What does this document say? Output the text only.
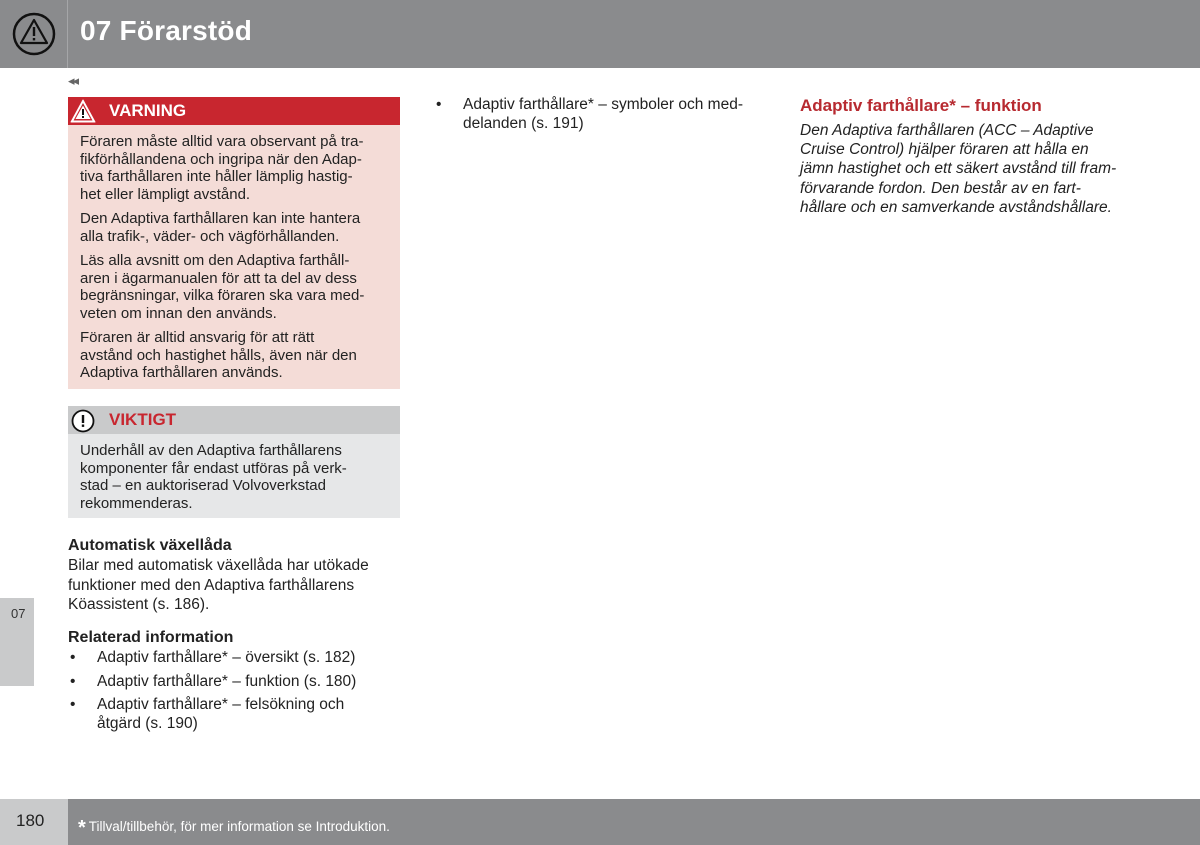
07 Förarstöd
◂◂
VARNING

Föraren måste alltid vara observant på tra-
fikförhållandena och ingripa när den Adap-
tiva farthållaren inte håller lämplig hastig-
het eller lämpligt avstånd.

Den Adaptiva farthållaren kan inte hantera
alla trafik-, väder- och vägförhållanden.

Läs alla avsnitt om den Adaptiva farthåll-
aren i ägarmanualen för att ta del av dess
begränsningar, vilka föraren ska vara med-
veten om innan den används.

Föraren är alltid ansvarig för att rätt
avstånd och hastighet hålls, även när den
Adaptiva farthållaren används.

VIKTIGT

Underhåll av den Adaptiva farthållarens
komponenter får endast utföras på verk-
stad – en auktoriserad Volvoverkstad
rekommenderas.

Automatisk växellåda
Bilar med automatisk växellåda har utökade
funktioner med den Adaptiva farthållarens
Köassistent (s. 186).
07
Relaterad information
• Adaptiv farthållare* – översikt (s. 182)
• Adaptiv farthållare* – funktion (s. 180)
• Adaptiv farthållare* – felsökning och
åtgärd (s. 190)
• Adaptiv farthållare* – symboler och med-
delanden (s. 191)
Adaptiv farthållare* – funktion
Den Adaptiva farthållaren (ACC – Adaptive
Cruise Control) hjälper föraren att hålla en
jämn hastighet och ett säkert avstånd till fram-
förvarande fordon. Den består av en fart-
hållare och en samverkande avståndshållare.
180 * Tillval/tillbehör, för mer information se Introduktion.
